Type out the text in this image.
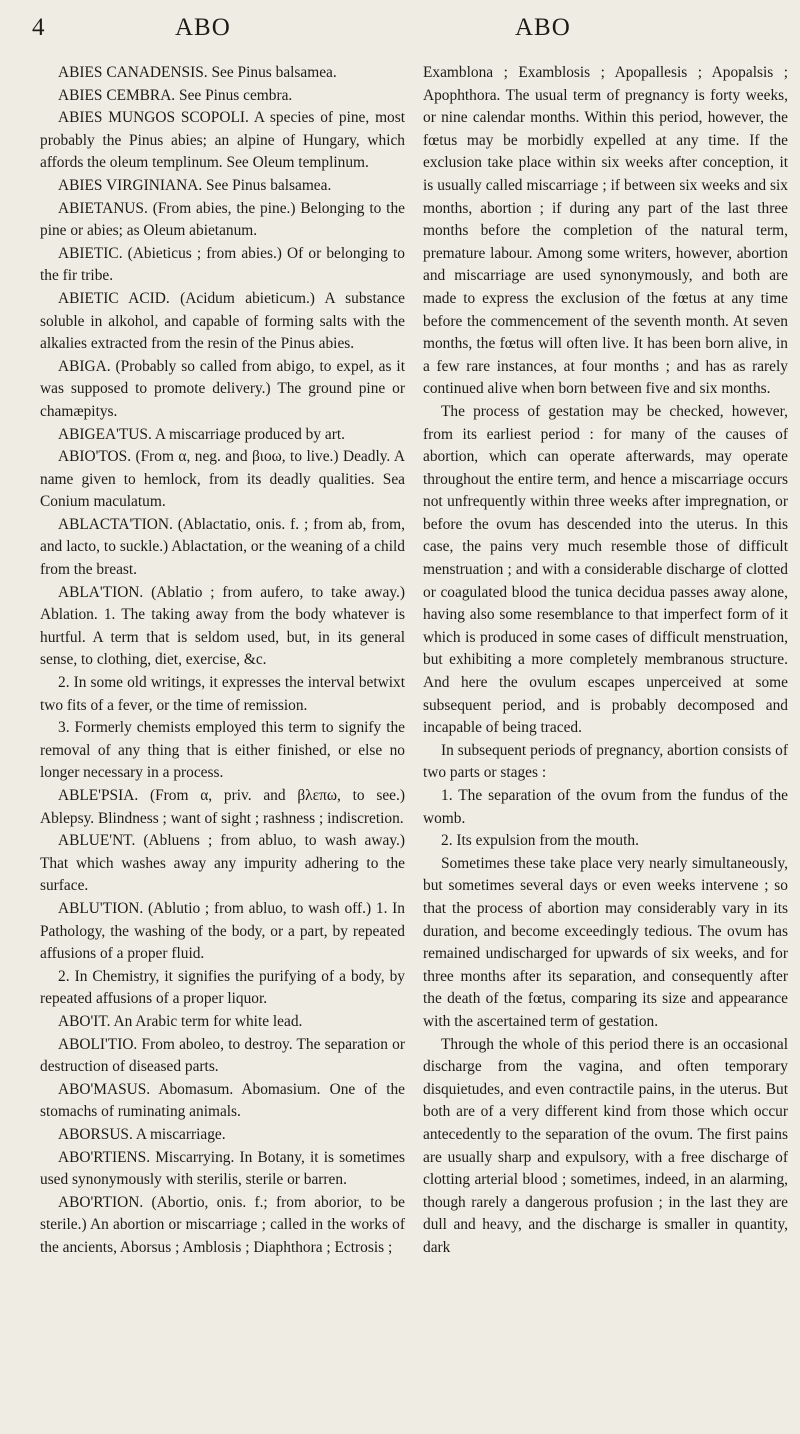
4	ABO	ABO

ABIES CANADENSIS. See Pinus balsamea.

ABIES CEMBRA. See Pinus cembra.

ABIES MUNGOS SCOPOLI. A species of pine, most probably the Pinus abies; an alpine of Hungary, which affords the oleum templinum. See Oleum templinum.

ABIES VIRGINIANA. See Pinus balsamea.

ABIETANUS. (From abies, the pine.) Belonging to the pine or abies; as Oleum abietanum.

ABIETIC. (Abieticus ; from abies.) Of or belonging to the fir tribe.

ABIETIC ACID. (Acidum abieticum.) A substance soluble in alkohol, and capable of forming salts with the alkalies extracted from the resin of the Pinus abies.

ABIGA. (Probably so called from abigo, to expel, as it was supposed to promote delivery.) The ground pine or chamæpitys.

ABIGEA'TUS. A miscarriage produced by art.

ABIO'TOS. (From α, neg. and βιοω, to live.) Deadly. A name given to hemlock, from its deadly qualities. Sea Conium maculatum.

ABLACTA'TION. (Ablactatio, onis. f. ; from ab, from, and lacto, to suckle.) Ablactation, or the weaning of a child from the breast.

ABLA'TION. (Ablatio ; from aufero, to take away.) Ablation. 1. The taking away from the body whatever is hurtful. A term that is seldom used, but, in its general sense, to clothing, diet, exercise, &c.

2. In some old writings, it expresses the interval betwixt two fits of a fever, or the time of remission.

3. Formerly chemists employed this term to signify the removal of any thing that is either finished, or else no longer necessary in a process.

ABLE'PSIA. (From α, priv. and βλεπω, to see.) Ablepsy. Blindness ; want of sight ; rashness ; indiscretion.

ABLUE'NT. (Abluens ; from abluo, to wash away.) That which washes away any impurity adhering to the surface.

ABLU'TION. (Ablutio ; from abluo, to wash off.) 1. In Pathology, the washing of the body, or a part, by repeated affusions of a proper fluid.

2. In Chemistry, it signifies the purifying of a body, by repeated affusions of a proper liquor.

ABO'IT. An Arabic term for white lead.

ABOLI'TIO. From aboleo, to destroy. The separation or destruction of diseased parts.

ABO'MASUS. Abomasum. Abomasium. One of the stomachs of ruminating animals.

ABORSUS. A miscarriage.

ABO'RTIENS. Miscarrying. In Botany, it is sometimes used synonymously with sterilis, sterile or barren.

ABO'RTION. (Abortio, onis. f.; from aborior, to be sterile.) An abortion or miscarriage ; called in the works of the ancients, Aborsus ; Amblosis ; Diaphthora ; Ectrosis ;

Examblona ; Examblosis ; Apopallesis ; Apopalsis ; Apophthora. The usual term of pregnancy is forty weeks, or nine calendar months. Within this period, however, the fœtus may be morbidly expelled at any time. If the exclusion take place within six weeks after conception, it is usually called miscarriage ; if between six weeks and six months, abortion ; if during any part of the last three months before the completion of the natural term, premature labour. Among some writers, however, abortion and miscarriage are used synonymously, and both are made to express the exclusion of the fœtus at any time before the commencement of the seventh month. At seven months, the fœtus will often live. It has been born alive, in a few rare instances, at four months ; and has as rarely continued alive when born between five and six months.

The process of gestation may be checked, however, from its earliest period : for many of the causes of abortion, which can operate afterwards, may operate throughout the entire term, and hence a miscarriage occurs not unfrequently within three weeks after impregnation, or before the ovum has descended into the uterus. In this case, the pains very much resemble those of difficult menstruation ; and with a considerable discharge of clotted or coagulated blood the tunica decidua passes away alone, having also some resemblance to that imperfect form of it which is produced in some cases of difficult menstruation, but exhibiting a more completely membranous structure. And here the ovulum escapes unperceived at some subsequent period, and is probably decomposed and incapable of being traced.

In subsequent periods of pregnancy, abortion consists of two parts or stages :

1. The separation of the ovum from the fundus of the womb.

2. Its expulsion from the mouth.

Sometimes these take place very nearly simultaneously, but sometimes several days or even weeks intervene ; so that the process of abortion may considerably vary in its duration, and become exceedingly tedious. The ovum has remained undischarged for upwards of six weeks, and for three months after its separation, and consequently after the death of the fœtus, comparing its size and appearance with the ascertained term of gestation.

Through the whole of this period there is an occasional discharge from the vagina, and often temporary disquietudes, and even contractile pains, in the uterus. But both are of a very different kind from those which occur antecedently to the separation of the ovum. The first pains are usually sharp and expulsory, with a free discharge of clotting arterial blood ; sometimes, indeed, in an alarming, though rarely a dangerous profusion ; in the last they are dull and heavy, and the discharge is smaller in quantity, dark
